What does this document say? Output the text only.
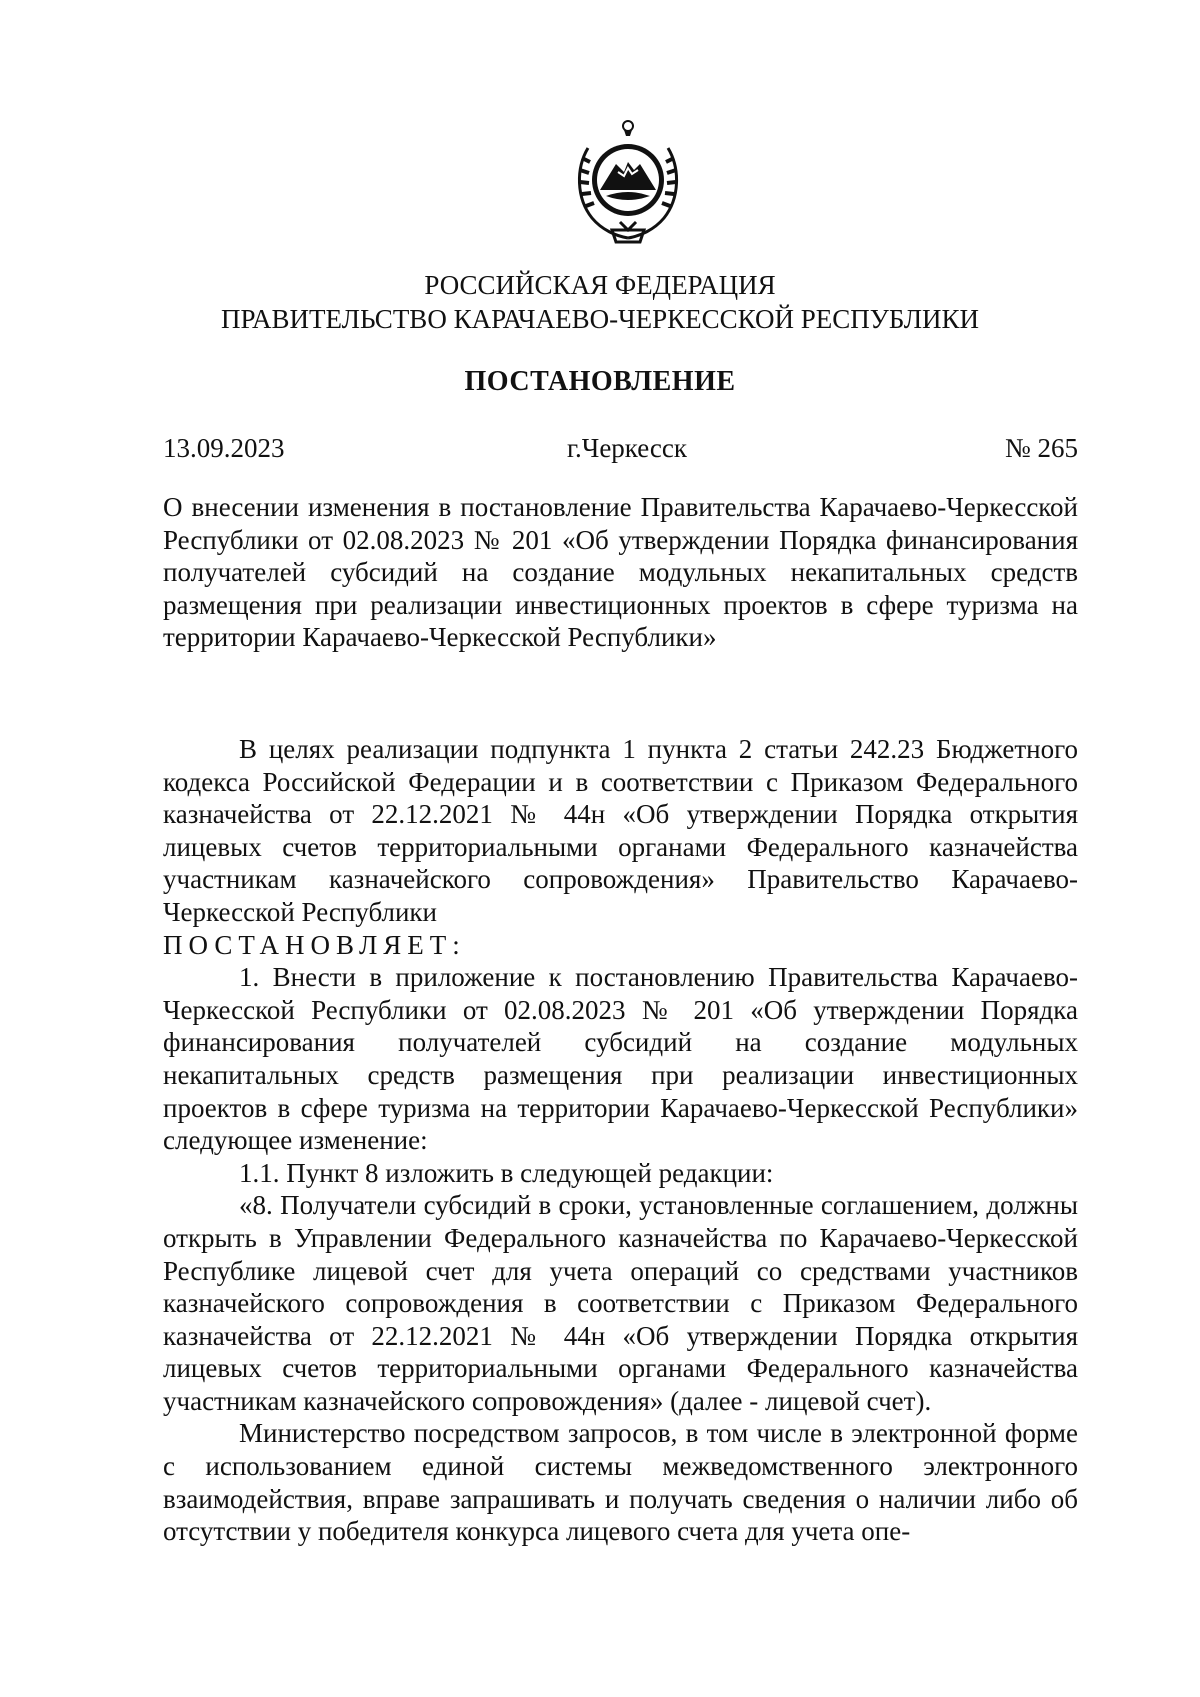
РОССИЙСКАЯ ФЕДЕРАЦИЯ
ПРАВИТЕЛЬСТВО КАРАЧАЕВО-ЧЕРКЕССКОЙ РЕСПУБЛИКИ
ПОСТАНОВЛЕНИЕ
13.09.2023	г.Черкесск	№ 265

О внесении изменения в постановление Правительства Карачаево-Черкесской Республики от 02.08.2023 № 201 «Об утверждении Порядка финансирования получателей субсидий на создание модульных некапитальных средств размещения при реализации инвестиционных проектов в сфере туризма на территории Карачаево-Черкесской Республики»

В целях реализации подпункта 1 пункта 2 статьи 242.23 Бюджетного кодекса Российской Федерации и в соответствии с Приказом Федерального казначейства от 22.12.2021 № 44н «Об утверждении Порядка открытия лицевых счетов территориальными органами Федерального казначейства участникам казначейского сопровождения» Правительство Карачаево-Черкесской Республики

ПОСТАНОВЛЯЕТ:

1. Внести в приложение к постановлению Правительства Карачаево-Черкесской Республики от 02.08.2023 № 201 «Об утверждении Порядка финансирования получателей субсидий на создание модульных некапитальных средств размещения при реализации инвестиционных проектов в сфере туризма на территории Карачаево-Черкесской Республики» следующее изменение:

1.1. Пункт 8 изложить в следующей редакции:

«8. Получатели субсидий в сроки, установленные соглашением, должны открыть в Управлении Федерального казначейства по Карачаево-Черкесской Республике лицевой счет для учета операций со средствами участников казначейского сопровождения в соответствии с Приказом Федерального казначейства от 22.12.2021 № 44н «Об утверждении Порядка открытия лицевых счетов территориальными органами Федерального казначейства участникам казначейского сопровождения» (далее - лицевой счет).

Министерство посредством запросов, в том числе в электронной форме с использованием единой системы межведомственного электронного взаимодействия, вправе запрашивать и получать сведения о наличии либо об отсутствии у победителя конкурса лицевого счета для учета опе-
